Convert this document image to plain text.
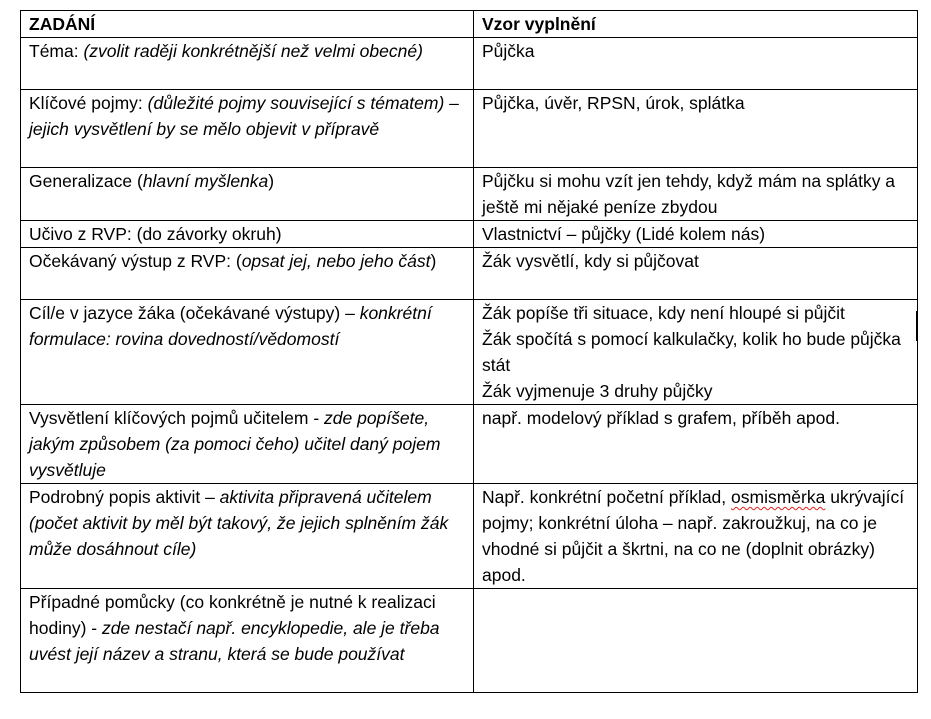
ZADÁNÍ	Vzor vyplnění
Téma: (zvolit raději konkrétnější než velmi obecné)	Půjčka
Klíčové pojmy: (důležité pojmy související s tématem) – jejich vysvětlení by se mělo objevit v přípravě	Půjčka, úvěr, RPSN, úrok, splátka
Generalizace (hlavní myšlenka)	Půjčku si mohu vzít jen tehdy, když mám na splátky a ještě mi nějaké peníze zbydou
Učivo z RVP: (do závorky okruh)	Vlastnictví – půjčky (Lidé kolem nás)
Očekávaný výstup z RVP: (opsat jej, nebo jeho část)	Žák vysvětlí, kdy si půjčovat
Cíl/e v jazyce žáka (očekávané výstupy) – konkrétní formulace: rovina dovedností/vědomostí	Žák popíše tři situace, kdy není hloupé si půjčit
Žák spočítá s pomocí kalkulačky, kolik ho bude půjčka stát
Žák vyjmenuje 3 druhy půjčky

Vysvětlení klíčových pojmů učitelem - zde popíšete, jakým způsobem (za pomoci čeho) učitel daný pojem vysvětluje	např. modelový příklad s grafem, příběh apod.
Podrobný popis aktivit – aktivita připravená učitelem (počet aktivit by měl být takový, že jejich splněním žák může dosáhnout cíle)	Např. konkrétní početní příklad, osmisměrka ukrývající pojmy; konkrétní úloha – např. zakroužkuj, na co je vhodné si půjčit a škrtni, na co ne (doplnit obrázky) apod.
Případné pomůcky (co konkrétně je nutné k realizaci hodiny) - zde nestačí např. encyklopedie, ale je třeba uvést její název a stranu, která se bude používat	
